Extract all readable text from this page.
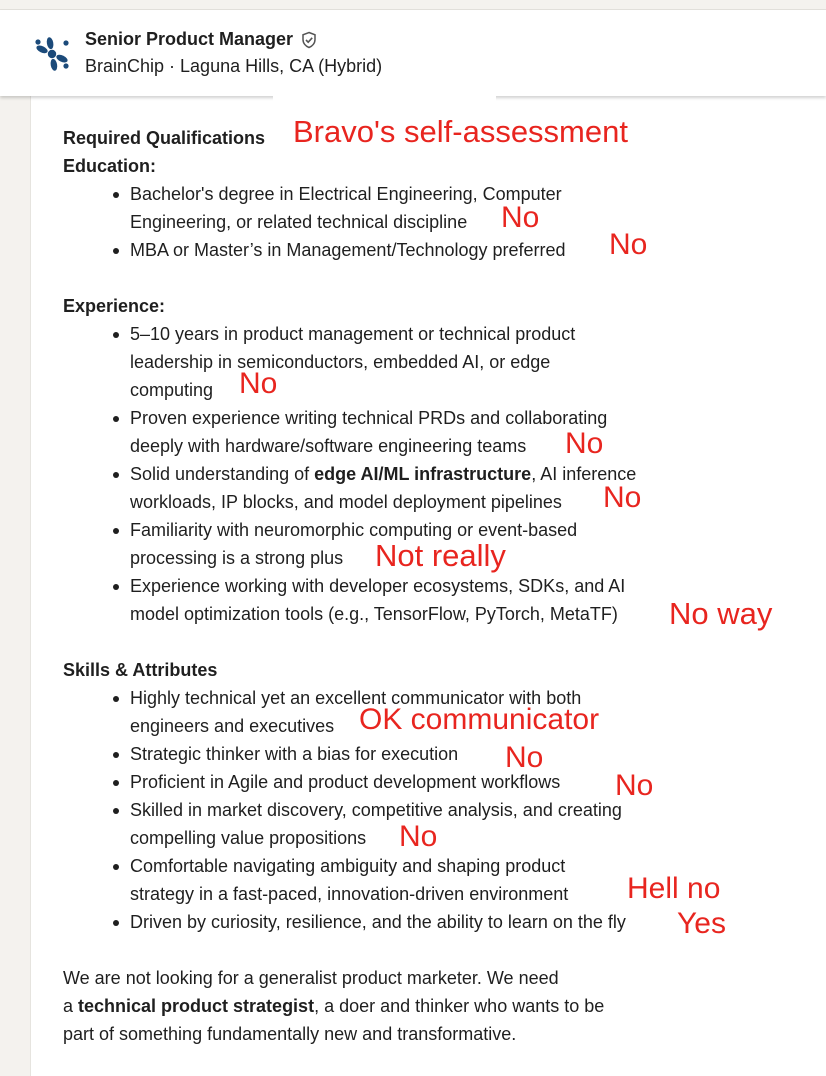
Senior Product Manager
BrainChip · Laguna Hills, CA (Hybrid)
Required Qualifications
Education:
Bachelor's degree in Electrical Engineering, Computer
Engineering, or related technical discipline
MBA or Master’s in Management/Technology preferred
Experience:
5–10 years in product management or technical product
leadership in semiconductors, embedded AI, or edge
computing
Proven experience writing technical PRDs and collaborating
deeply with hardware/software engineering teams
Solid understanding of edge AI/ML infrastructure, AI inference
workloads, IP blocks, and model deployment pipelines
Familiarity with neuromorphic computing or event-based
processing is a strong plus
Experience working with developer ecosystems, SDKs, and AI
model optimization tools (e.g., TensorFlow, PyTorch, MetaTF)
Skills & Attributes
Highly technical yet an excellent communicator with both
engineers and executives
Strategic thinker with a bias for execution
Proficient in Agile and product development workflows
Skilled in market discovery, competitive analysis, and creating
compelling value propositions
Comfortable navigating ambiguity and shaping product
strategy in a fast-paced, innovation-driven environment
Driven by curiosity, resilience, and the ability to learn on the fly
We are not looking for a generalist product marketer. We need
a technical product strategist, a doer and thinker who wants to be
part of something fundamentally new and transformative.
Bravo's self-assessment
No
No
No
No
No
Not really
No way
OK communicator
No
No
No
Hell no
Yes
